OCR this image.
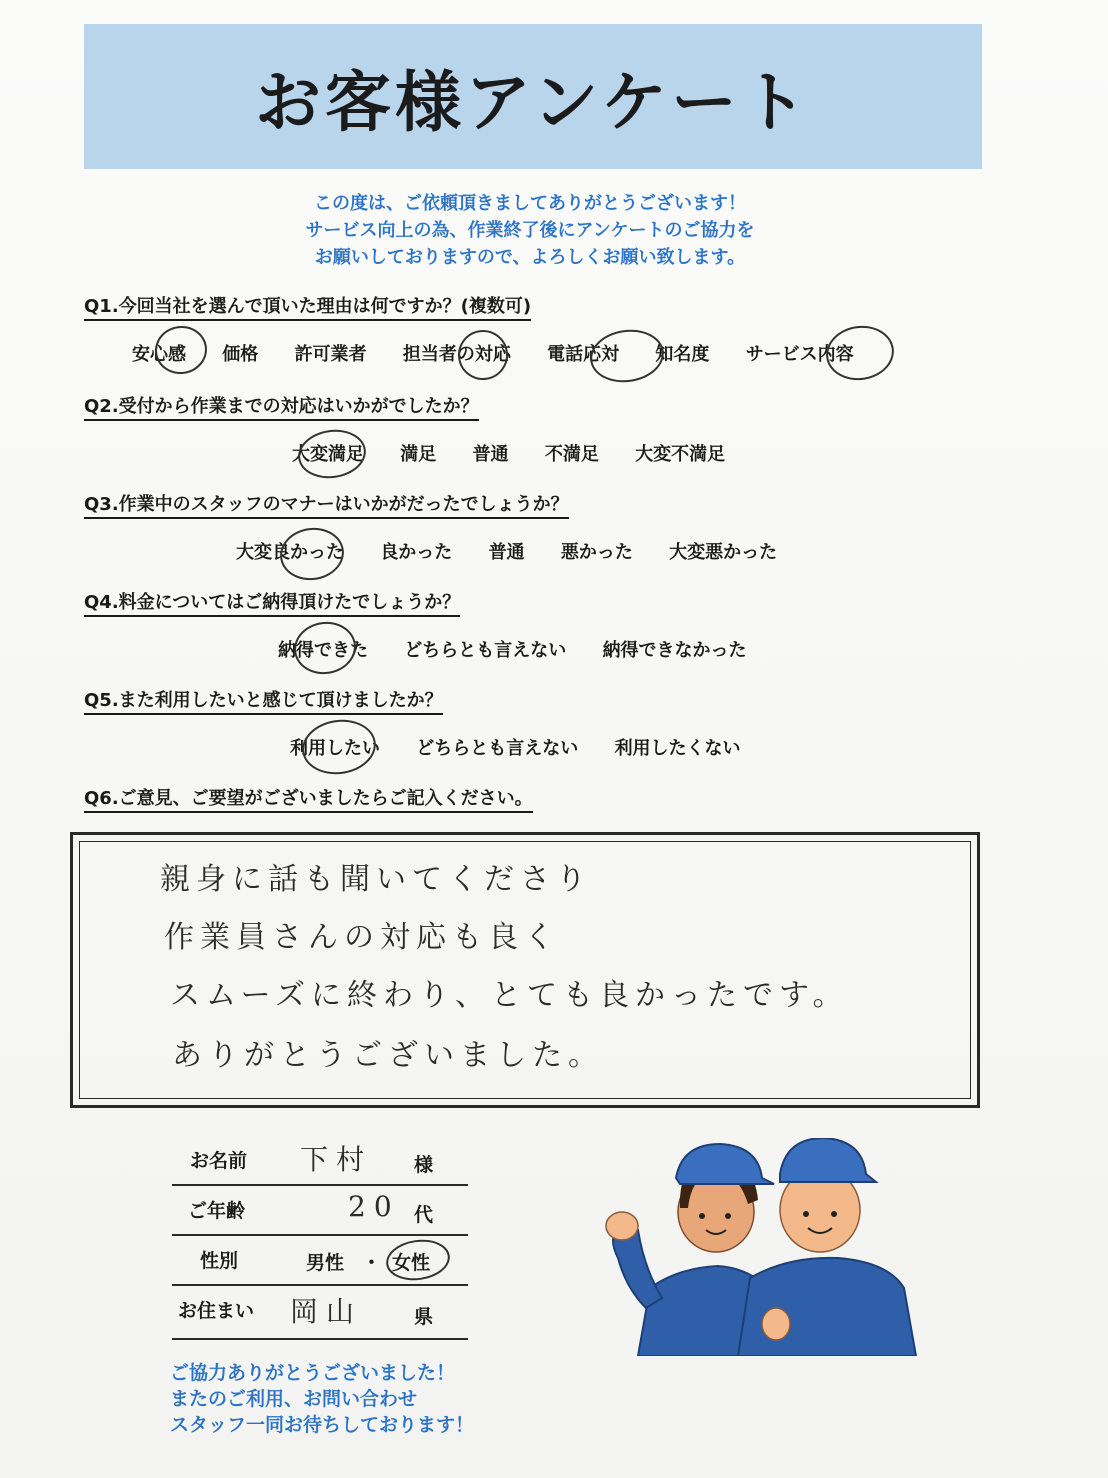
お客様アンケート
この度は、ご依頼頂きましてありがとうございます！
サービス向上の為、作業終了後にアンケートのご協力を
お願いしておりますので、よろしくお願い致します。
Q1.今回当社を選んで頂いた理由は何ですか？(複数可)
安心感 価格 許可業者 担当者の対応 電話応対 知名度 サービス内容
Q2.受付から作業までの対応はいかがでしたか？
大変満足 満足 普通 不満足 大変不満足
Q3.作業中のスタッフのマナーはいかがだったでしょうか？
大変良かった 良かった 普通 悪かった 大変悪かった
Q4.料金についてはご納得頂けたでしょうか？
納得できた どちらとも言えない 納得できなかった
Q5.また利用したいと感じて頂けましたか？
利用したい どちらとも言えない 利用したくない
Q6.ご意見、ご要望がございましたらご記入ください。
親身に話も聞いてくださり
作業員さんの対応も良く
スムーズに終わり、とても良かったです。
ありがとうございました。
お名前 下村 様
ご年齢	20 代
性別	男性 ・ 女性
お住まい 岡山	県
ご協力ありがとうございました！
またのご利用、お問い合わせ
スタッフ一同お待ちしております！
